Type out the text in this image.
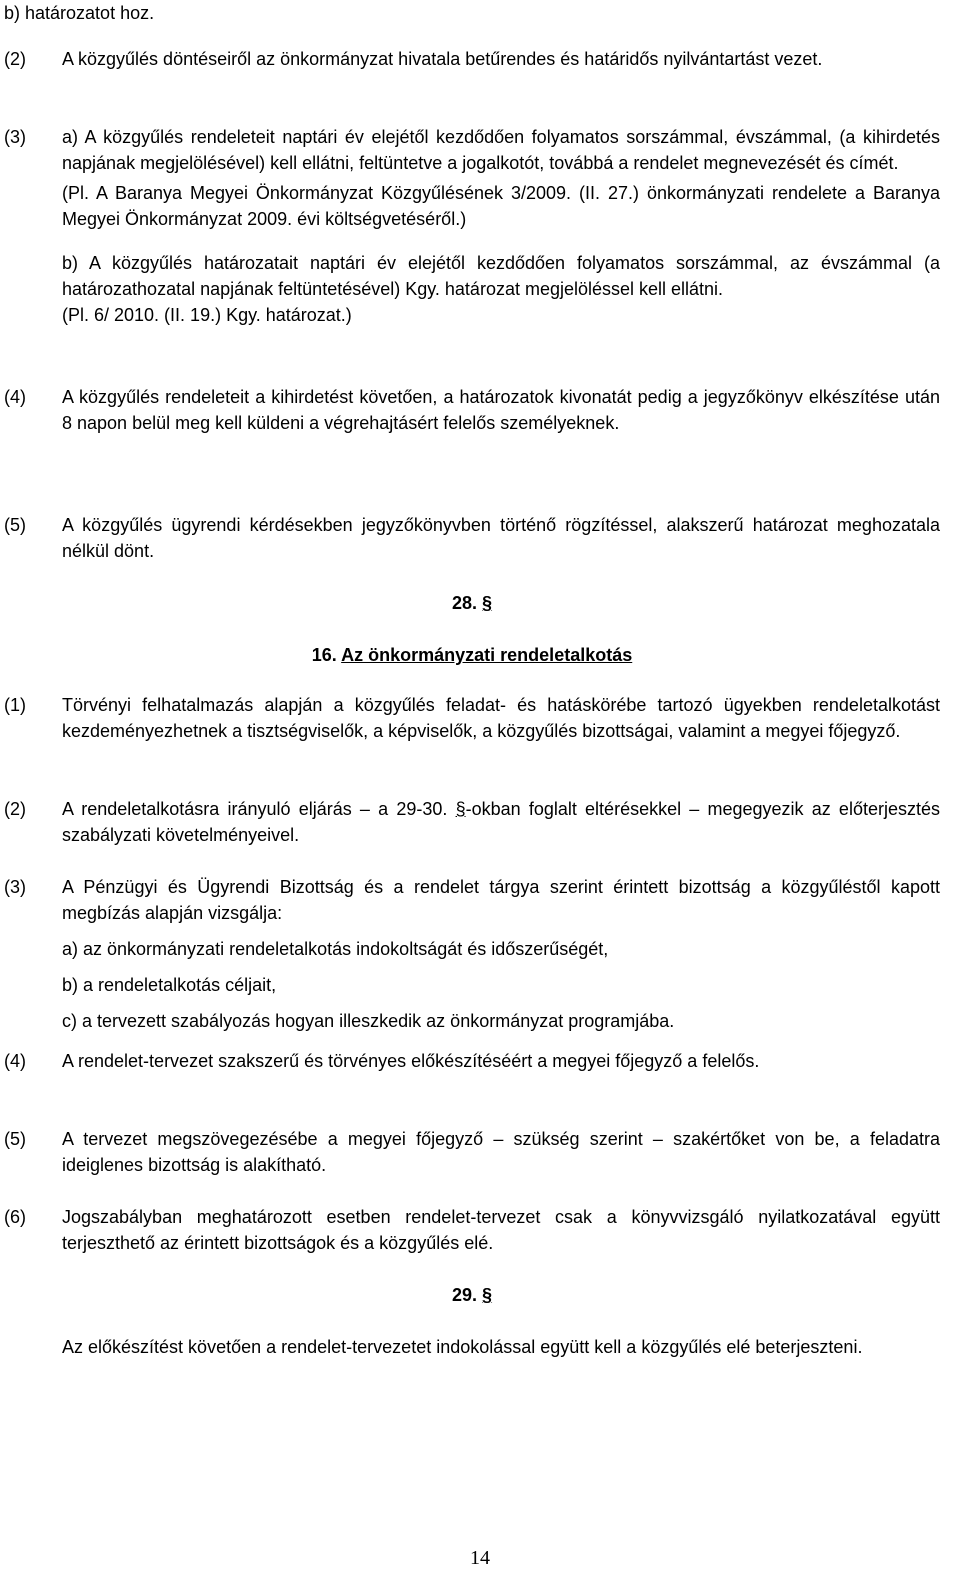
b) határozatot hoz.
(2)	A közgyűlés döntéseiről az önkormányzat hivatala betűrendes és határidős nyilvántartást vezet.
(3)	a) A közgyűlés rendeleteit naptári év elejétől kezdődően folyamatos sorszámmal, évszámmal, (a kihirdetés napjának megjelölésével) kell ellátni, feltüntetve a jogalkotót, továbbá a rendelet megnevezését és címét.
(Pl. A Baranya Megyei Önkormányzat Közgyűlésének 3/2009. (II. 27.) önkormányzati rendelete a Baranya Megyei Önkormányzat 2009. évi költségvetéséről.)
b) A közgyűlés határozatait naptári év elejétől kezdődően folyamatos sorszámmal, az évszámmal (a határozathozatal napjának feltüntetésével) Kgy. határozat megjelöléssel kell ellátni.
(Pl. 6/ 2010. (II. 19.) Kgy. határozat.)
(4)	A közgyűlés rendeleteit a kihirdetést követően, a határozatok kivonatát pedig a jegyzőkönyv elkészítése után 8 napon belül meg kell küldeni a végrehajtásért felelős személyeknek.
(5)	A közgyűlés ügyrendi kérdésekben jegyzőkönyvben történő rögzítéssel, alakszerű határozat meghozatala nélkül dönt.
28. §
16. Az önkormányzati rendeletalkotás
(1)	Törvényi felhatalmazás alapján a közgyűlés feladat- és hatáskörébe tartozó ügyekben rendeletalkotást kezdeményezhetnek a tisztségviselők, a képviselők, a közgyűlés bizottságai, valamint a megyei főjegyző.
(2)	A rendeletalkotásra irányuló eljárás – a 29-30. §-okban foglalt eltérésekkel – megegyezik az előterjesztés szabályzati követelményeivel.
(3)	A Pénzügyi és Ügyrendi Bizottság és a rendelet tárgya szerint érintett bizottság a közgyűléstől kapott megbízás alapján vizsgálja:
a) az önkormányzati rendeletalkotás indokoltságát és időszerűségét,
b) a rendeletalkotás céljait,
c) a tervezett szabályozás hogyan illeszkedik az önkormányzat programjába.
(4)	A rendelet-tervezet szakszerű és törvényes előkészítéséért a megyei főjegyző a felelős.
(5)	A tervezet megszövegezésébe a megyei főjegyző – szükség szerint – szakértőket von be, a feladatra ideiglenes bizottság is alakítható.
(6)	Jogszabályban meghatározott esetben rendelet-tervezet csak a könyvvizsgáló nyilatkozatával együtt terjeszthető az érintett bizottságok és a közgyűlés elé.
29. §
Az előkészítést követően a rendelet-tervezetet indokolással együtt kell a közgyűlés elé beterjeszteni.
14
